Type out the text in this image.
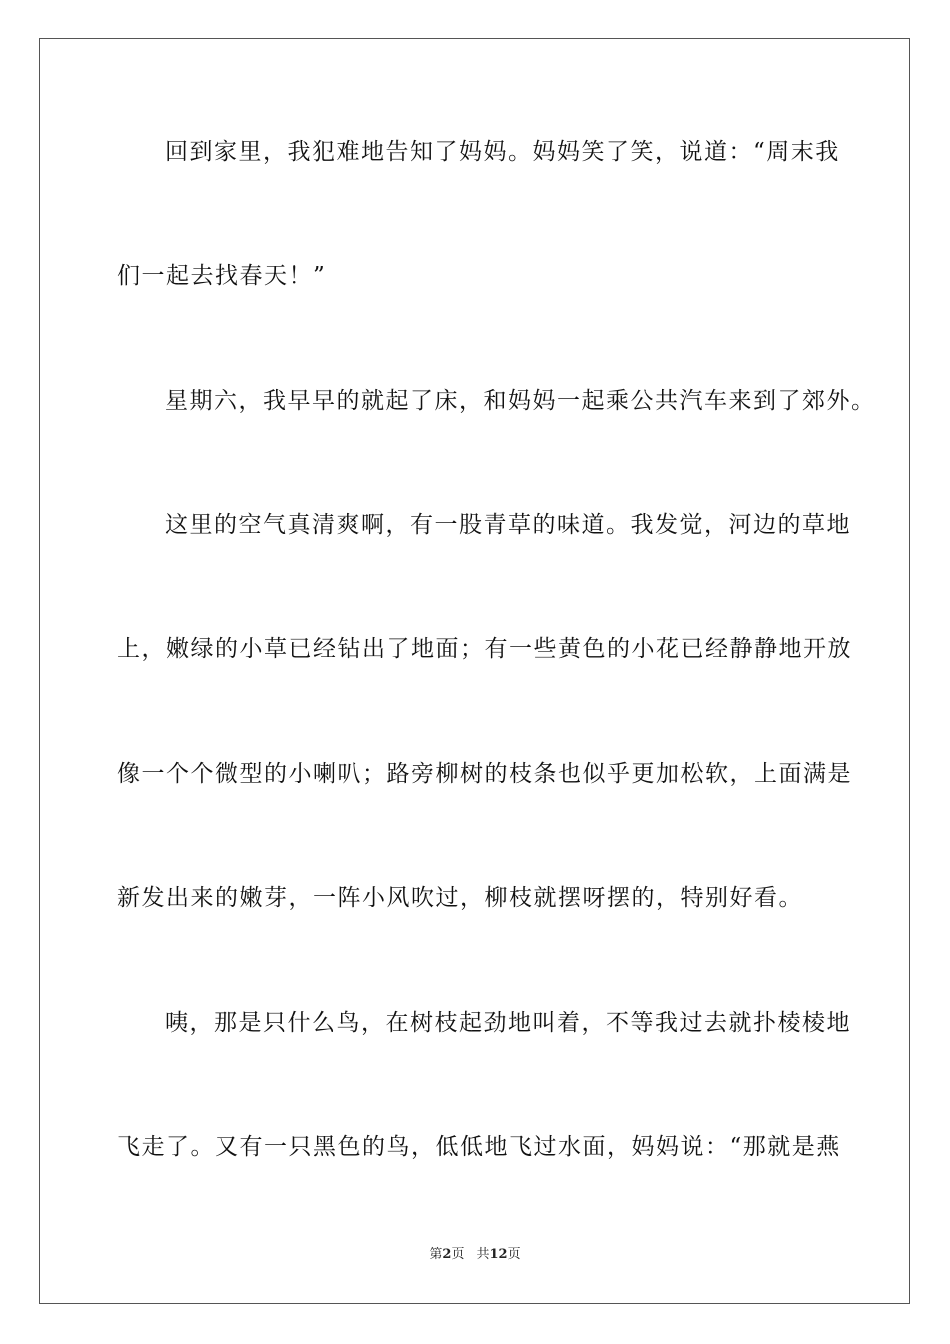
回到家里，我犯难地告知了妈妈。妈妈笑了笑，说道：“周末我
们一起去找春天！”
星期六，我早早的就起了床，和妈妈一起乘公共汽车来到了郊外。
这里的空气真清爽啊，有一股青草的味道。我发觉，河边的草地
上，嫩绿的小草已经钻出了地面；有一些黄色的小花已经静静地开放
像一个个微型的小喇叭；路旁柳树的枝条也似乎更加松软，上面满是
新发出来的嫩芽，一阵小风吹过，柳枝就摆呀摆的，特别好看。
咦，那是只什么鸟，在树枝起劲地叫着，不等我过去就扑棱棱地
飞走了。又有一只黑色的鸟，低低地飞过水面，妈妈说：“那就是燕
第2页 共12页
